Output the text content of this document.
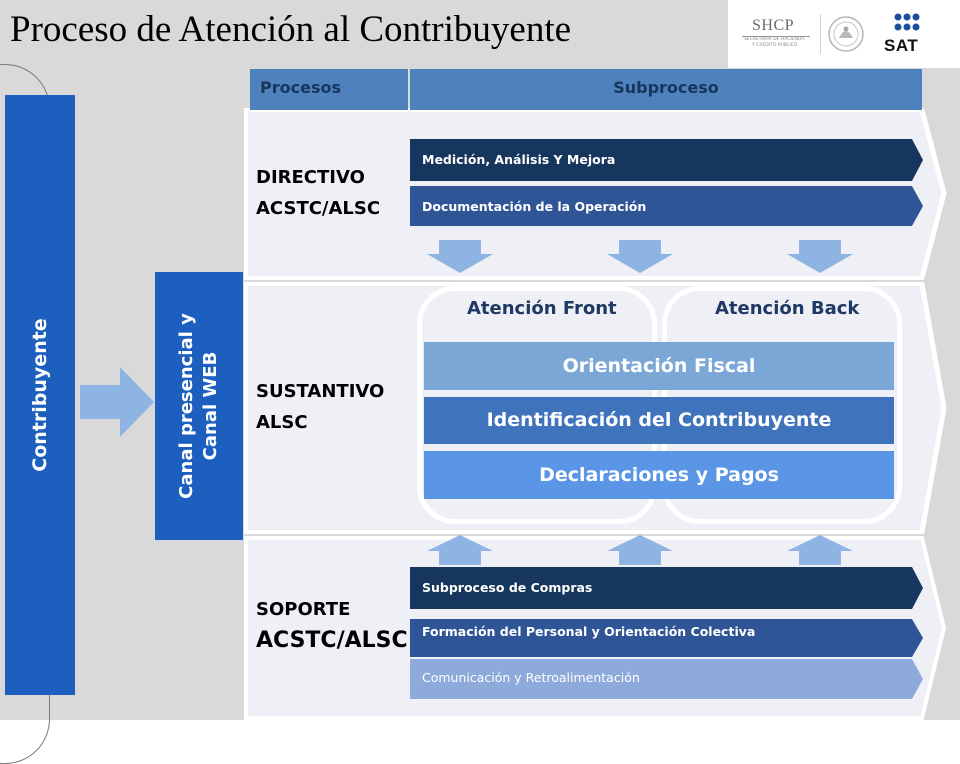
Proceso de Atención al Contribuyente	SHCP
SECRETARÍA DE HACIENDA
Y CRÉDITO PÚBLICO	SAT
Contribuyente	Canal presencial y Canal WEB
Procesos	Subproceso
DIRECTIVO
ACSTC/ALSC
Medición, Análisis Y Mejora
Documentación de la Operación
SUSTANTIVO
ALSC
Atención Front	Atención Back
Orientación Fiscal
Identificación del Contribuyente
Declaraciones y Pagos
SOPORTE
ACSTC/ALSC
Subproceso de Compras
Formación del Personal y Orientación Colectiva
Comunicación y Retroalimentación
